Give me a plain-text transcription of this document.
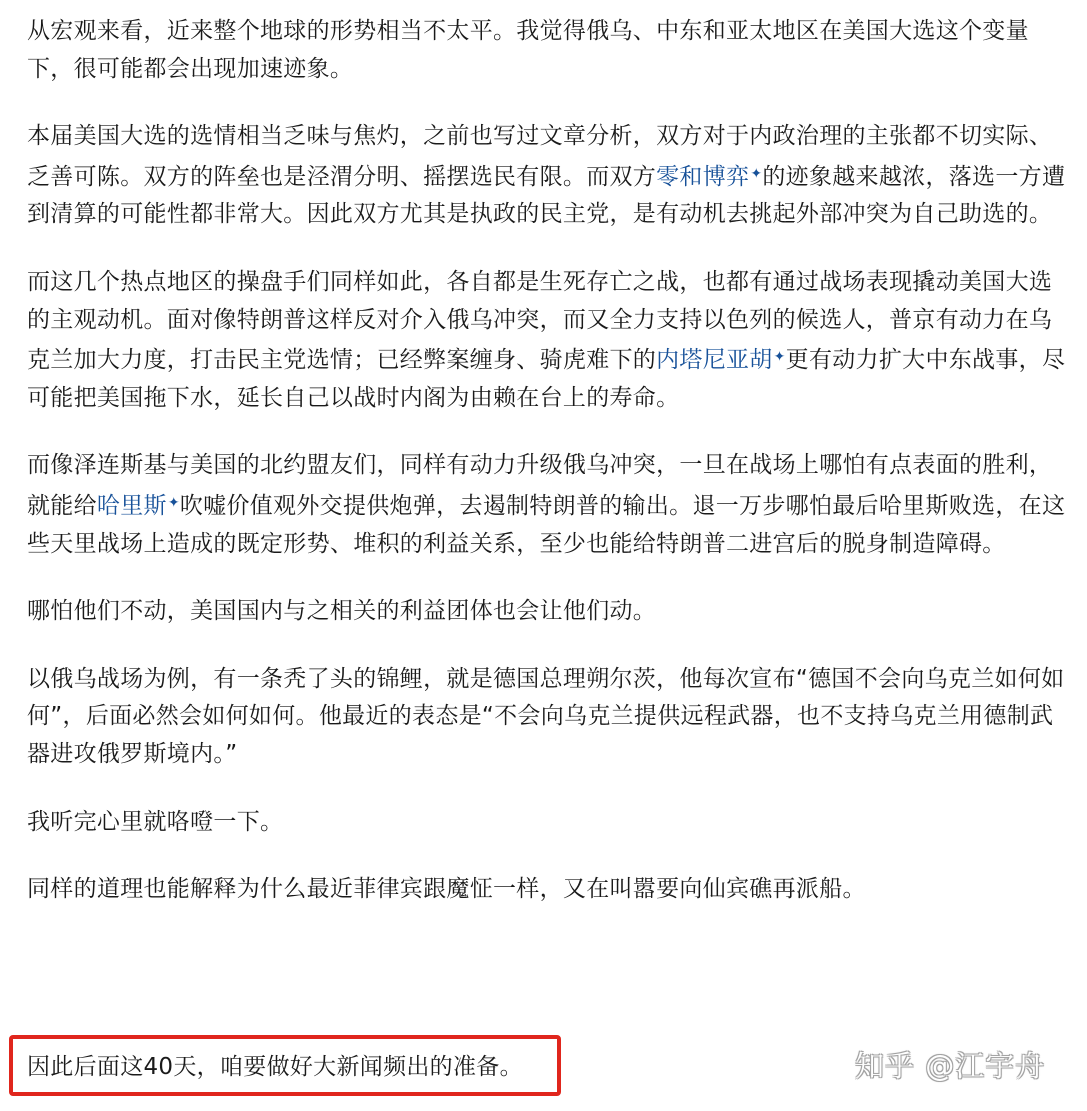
从宏观来看，近来整个地球的形势相当不太平。我觉得俄乌、中东和亚太地区在美国大选这个变量下，很可能都会出现加速迹象。

本届美国大选的选情相当乏味与焦灼，之前也写过文章分析，双方对于内政治理的主张都不切实际、乏善可陈。双方的阵垒也是泾渭分明、摇摆选民有限。而双方零和博弈✦的迹象越来越浓，落选一方遭到清算的可能性都非常大。因此双方尤其是执政的民主党，是有动机去挑起外部冲突为自己助选的。

而这几个热点地区的操盘手们同样如此，各自都是生死存亡之战，也都有通过战场表现撬动美国大选的主观动机。面对像特朗普这样反对介入俄乌冲突，而又全力支持以色列的候选人，普京有动力在乌克兰加大力度，打击民主党选情；已经弊案缠身、骑虎难下的内塔尼亚胡✦更有动力扩大中东战事，尽可能把美国拖下水，延长自己以战时内阁为由赖在台上的寿命。

而像泽连斯基与美国的北约盟友们，同样有动力升级俄乌冲突，一旦在战场上哪怕有点表面的胜利，就能给哈里斯✦吹嘘价值观外交提供炮弹，去遏制特朗普的输出。退一万步哪怕最后哈里斯败选，在这些天里战场上造成的既定形势、堆积的利益关系，至少也能给特朗普二进宫后的脱身制造障碍。

哪怕他们不动，美国国内与之相关的利益团体也会让他们动。

以俄乌战场为例，有一条秃了头的锦鲤，就是德国总理朔尔茨，他每次宣布“德国不会向乌克兰如何如何”，后面必然会如何如何。他最近的表态是“不会向乌克兰提供远程武器，也不支持乌克兰用德制武器进攻俄罗斯境内。”

我听完心里就咯噔一下。

同样的道理也能解释为什么最近菲律宾跟魔怔一样，又在叫嚣要向仙宾礁再派船。

因此后面这40天，咱要做好大新闻频出的准备。	知乎 @江宇舟
